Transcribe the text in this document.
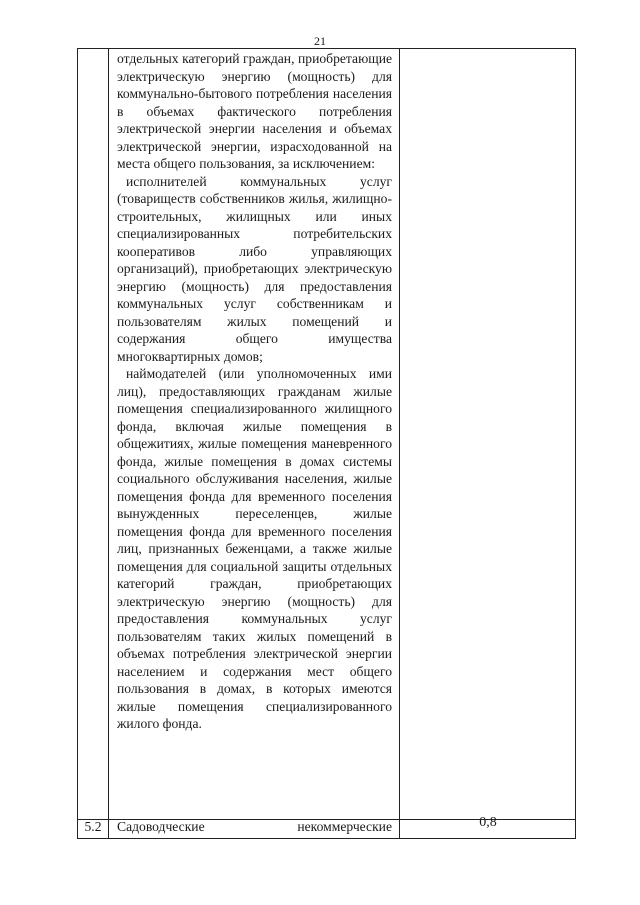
21

отдельных категорий граждан, приобретающие электрическую энергию (мощность) для коммунально-бытового потребления населения в объемах фактического потребления электрической энергии населения и объемах электрической энергии, израсходованной на места общего пользования, за исключением:

исполнителей коммунальных услуг (товариществ собственников жилья, жилищно-строительных, жилищных или иных специализированных потребительских кооперативов либо управляющих организаций), приобретающих электрическую энергию (мощность) для предоставления коммунальных услуг собственникам и пользователям жилых помещений и содержания общего имущества многоквартирных домов;

наймодателей (или уполномоченных ими лиц), предоставляющих гражданам жилые помещения специализированного жилищного фонда, включая жилые помещения в общежитиях, жилые помещения маневренного фонда, жилые помещения в домах системы социального обслуживания населения, жилые помещения фонда для временного поселения вынужденных переселенцев, жилые помещения фонда для временного поселения лиц, признанных беженцами, а также жилые помещения для социальной защиты отдельных категорий граждан, приобретающих электрическую энергию (мощность) для предоставления коммунальных услуг пользователям таких жилых помещений в объемах потребления электрической энергии населением и содержания мест общего пользования в домах, в которых имеются жилые помещения специализированного жилого фонда.

5.2	Садоводческие некоммерческие	0,8
